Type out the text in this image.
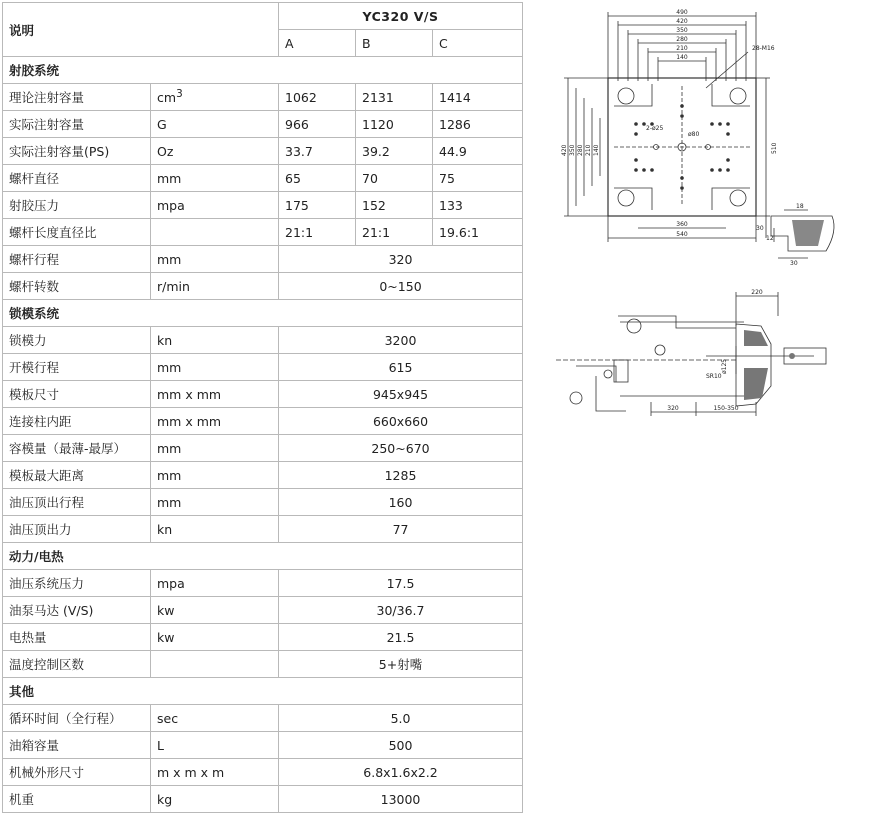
说明		YC320 V/S		
		A	B	C
射胶系统				
理论注射容量	$cm^3$	1062	2131	1414
实际注射容量	G	966	1120	1286
实际注射容量(PS)	Oz	33.7	39.2	44.9
螺杆直径	mm	65	70	75
射胶压力	mpa	175	152	133
螺杆长度直径比		21:1	21:1	19.6:1
螺杆行程	mm	320		
螺杆转数	r/min	0~150		
锁模系统				
锁模力	kn	3200		
开模行程	mm	615		
模板尺寸	mm x mm	945x945		
连接柱内距	mm x mm	660x660		
容模量（最薄-最厚）	mm	250~670		
模板最大距离	mm	1285		
油压顶出行程	mm	160		
油压顶出力	kn	77		
动力/电热				
油压系统压力	mpa	17.5		
油泵马达 (V/S)	kw	30/36.7		
电热量	kw	21.5		
温度控制区数		5+射嘴		
其他				
循环时间（全行程）	sec	5.0		
油箱容量	L	500		
机械外形尺寸	m x m x m	6.8x1.6x2.2		
机重	kg	13000		
490
420
350
280
210
140
28-M16
2-ø25
ø80
360
540
18
30
12
30
420 350 280 210 140	510
220
ø125
SR10
320	150-350
